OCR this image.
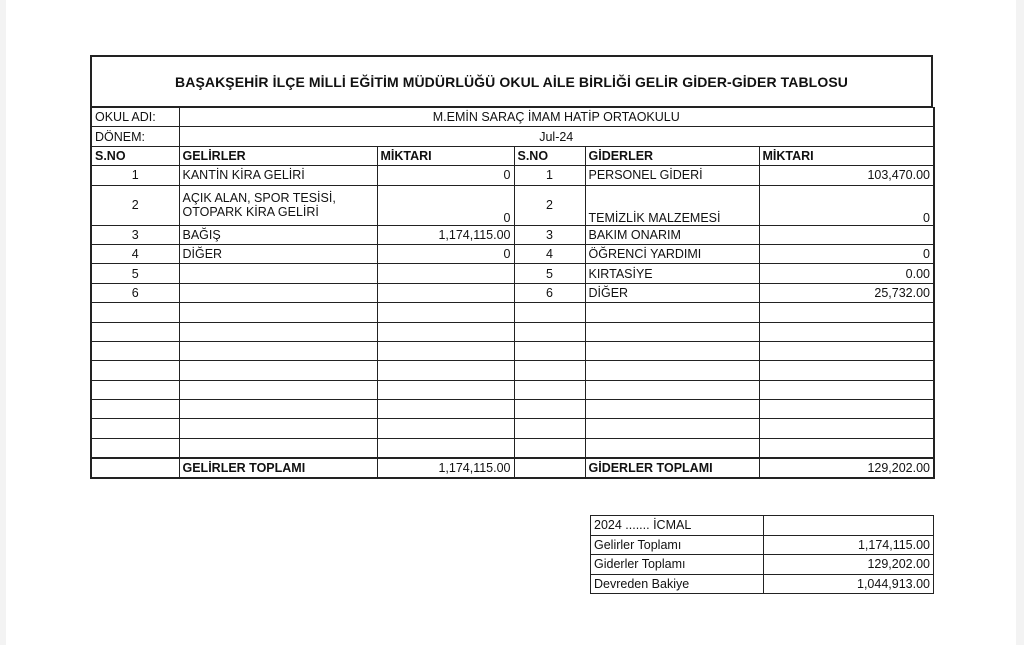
BAŞAKŞEHİR İLÇE MİLLİ EĞİTİM MÜDÜRLÜĞÜ OKUL AİLE BİRLİĞİ GELİR GİDER-GİDER TABLOSU
OKUL ADI:	M.EMİN SARAÇ İMAM HATİP ORTAOKULU				
DÖNEM:	Jul-24				
S.NO	GELİRLER	MİKTARI	S.NO	GİDERLER	MİKTARI
1	KANTİN KİRA GELİRİ	0	1	PERSONEL GİDERİ	103,470.00
2	AÇIK ALAN, SPOR TESİSİ, OTOPARK KİRA GELİRİ	0	2	TEMİZLİK MALZEMESİ	0
3	BAĞIŞ	1,174,115.00	3	BAKIM ONARIM	
4	DİĞER	0	4	ÖĞRENCİ YARDIMI	0
5			5	KIRTASİYE	0.00
6			6	DİĞER	25,732.00

	GELİRLER TOPLAMI	1,174,115.00		GİDERLER TOPLAMI	129,202.00
2024 ....... İCMAL	
Gelirler Toplamı	1,174,115.00
Giderler Toplamı	129,202.00
Devreden Bakiye	1,044,913.00
